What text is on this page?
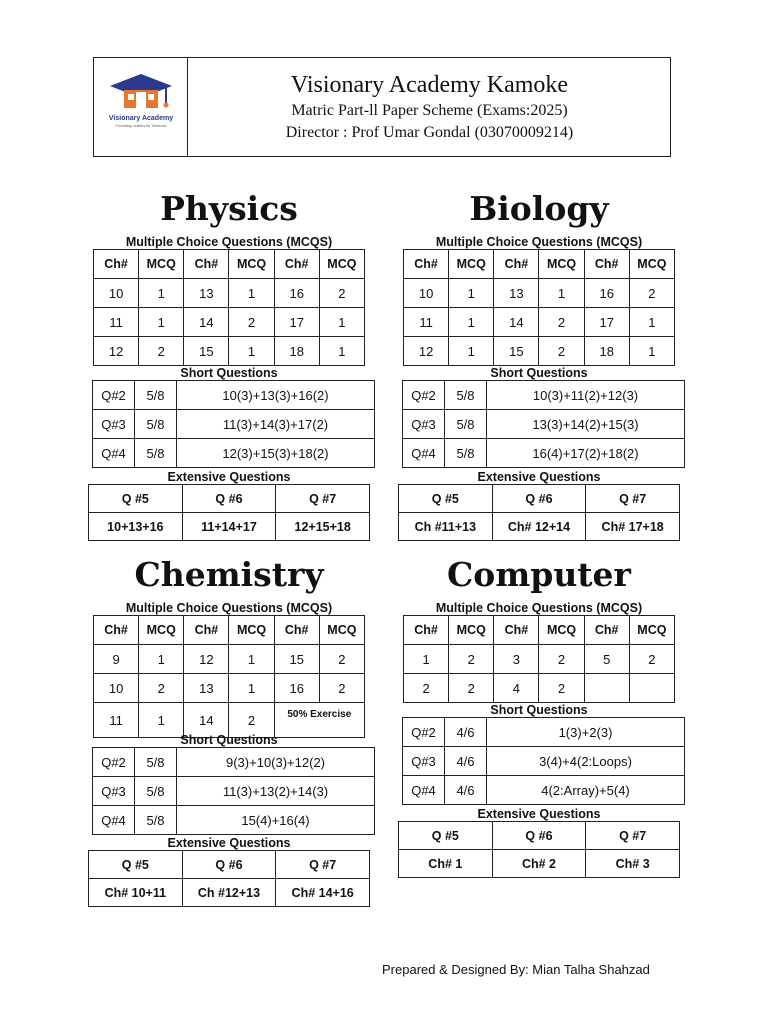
Visionary Academy
Promoting Leaders for Tomorrow
Visionary Academy Kamoke
Matric Part-ll Paper Scheme (Exams:2025)
Director : Prof Umar Gondal (03070009214)
Physics
Multiple Choice Questions (MCQS)
Ch#	MCQ	Ch#	MCQ	Ch#	MCQ
10	1	13	1	16	2
11	1	14	2	17	1
12	2	15	1	18	1
Short Questions
Q#2	5/8	10(3)+13(3)+16(2)
Q#3	5/8	11(3)+14(3)+17(2)
Q#4	5/8	12(3)+15(3)+18(2)
Extensive Questions
Q #5	Q #6	Q #7
10+13+16	11+14+17	12+15+18
Biology
Multiple Choice Questions (MCQS)
Ch#	MCQ	Ch#	MCQ	Ch#	MCQ
10	1	13	1	16	2
11	1	14	2	17	1
12	1	15	2	18	1
Short Questions
Q#2	5/8	10(3)+11(2)+12(3)
Q#3	5/8	13(3)+14(2)+15(3)
Q#4	5/8	16(4)+17(2)+18(2)
Extensive Questions
Q #5	Q #6	Q #7
Ch #11+13	Ch# 12+14	Ch# 17+18
Chemistry
Multiple Choice Questions (MCQS)
Ch#	MCQ	Ch#	MCQ	Ch#	MCQ
9	1	12	1	15	2
10	2	13	1	16	2
11	1	14	2	50% Exercise	
Short Questions
Q#2	5/8	9(3)+10(3)+12(2)
Q#3	5/8	11(3)+13(2)+14(3)
Q#4	5/8	15(4)+16(4)
Extensive Questions
Q #5	Q #6	Q #7
Ch# 10+11	Ch #12+13	Ch# 14+16
Computer
Multiple Choice Questions (MCQS)
Ch#	MCQ	Ch#	MCQ	Ch#	MCQ
1	2	3	2	5	2
2	2	4	2		
Short Questions
Q#2	4/6	1(3)+2(3)
Q#3	4/6	3(4)+4(2:Loops)
Q#4	4/6	4(2:Array)+5(4)
Extensive Questions
Q #5	Q #6	Q #7
Ch# 1	Ch# 2	Ch# 3
Prepared & Designed By: Mian Talha Shahzad
